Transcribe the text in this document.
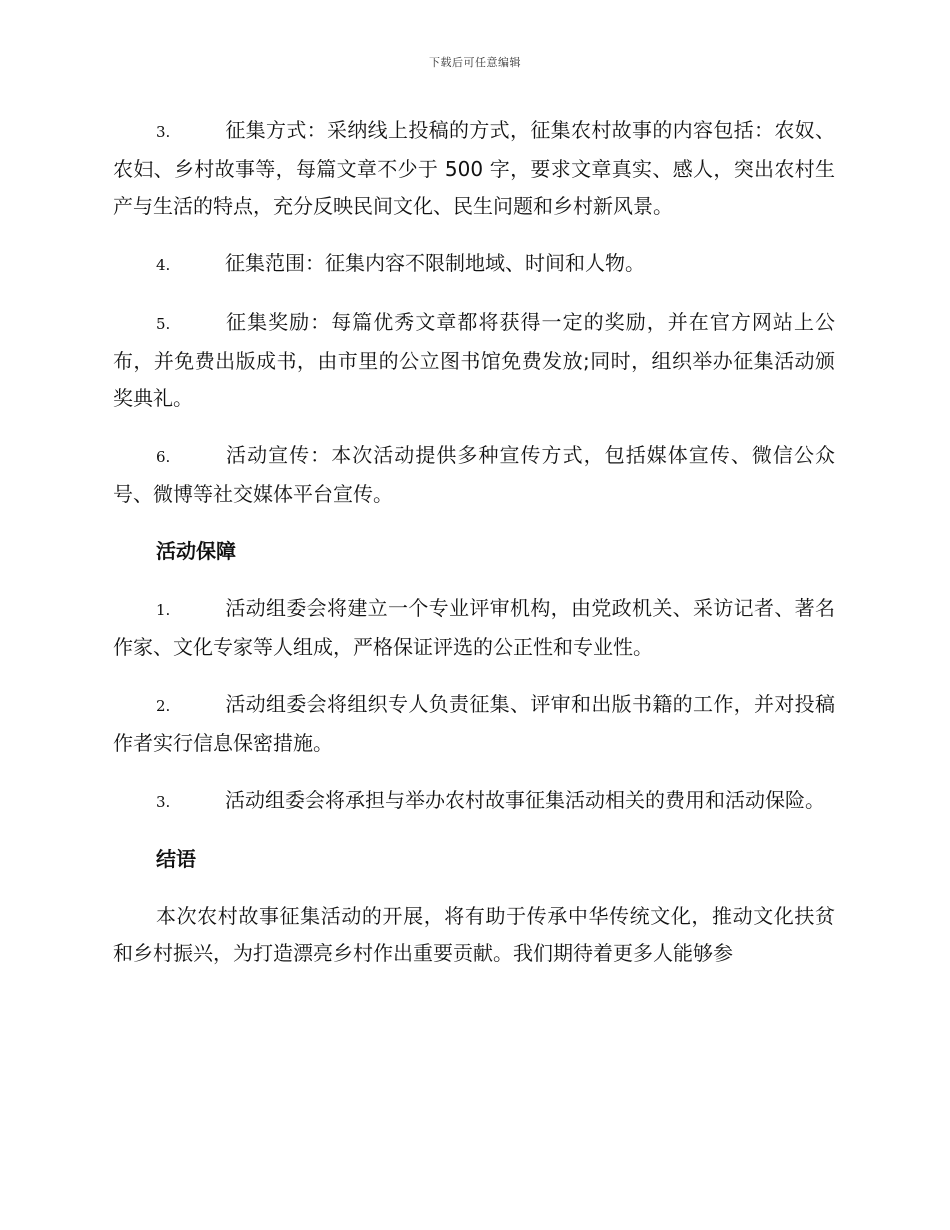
下载后可任意编辑

3.	征集方式：采纳线上投稿的方式，征集农村故事的内容包括：农奴、农妇、乡村故事等，每篇文章不少于 500 字，要求文章真实、感人，突出农村生产与生活的特点，充分反映民间文化、民生问题和乡村新风景。

4.	征集范围：征集内容不限制地域、时间和人物。

5.	征集奖励：每篇优秀文章都将获得一定的奖励，并在官方网站上公布，并免费出版成书，由市里的公立图书馆免费发放;同时，组织举办征集活动颁奖典礼。

6.	活动宣传：本次活动提供多种宣传方式，包括媒体宣传、微信公众号、微博等社交媒体平台宣传。

活动保障

1.	活动组委会将建立一个专业评审机构，由党政机关、采访记者、著名作家、文化专家等人组成，严格保证评选的公正性和专业性。

2.	活动组委会将组织专人负责征集、评审和出版书籍的工作，并对投稿作者实行信息保密措施。

3.	活动组委会将承担与举办农村故事征集活动相关的费用和活动保险。

结语

本次农村故事征集活动的开展，将有助于传承中华传统文化，推动文化扶贫和乡村振兴，为打造漂亮乡村作出重要贡献。我们期待着更多人能够参
